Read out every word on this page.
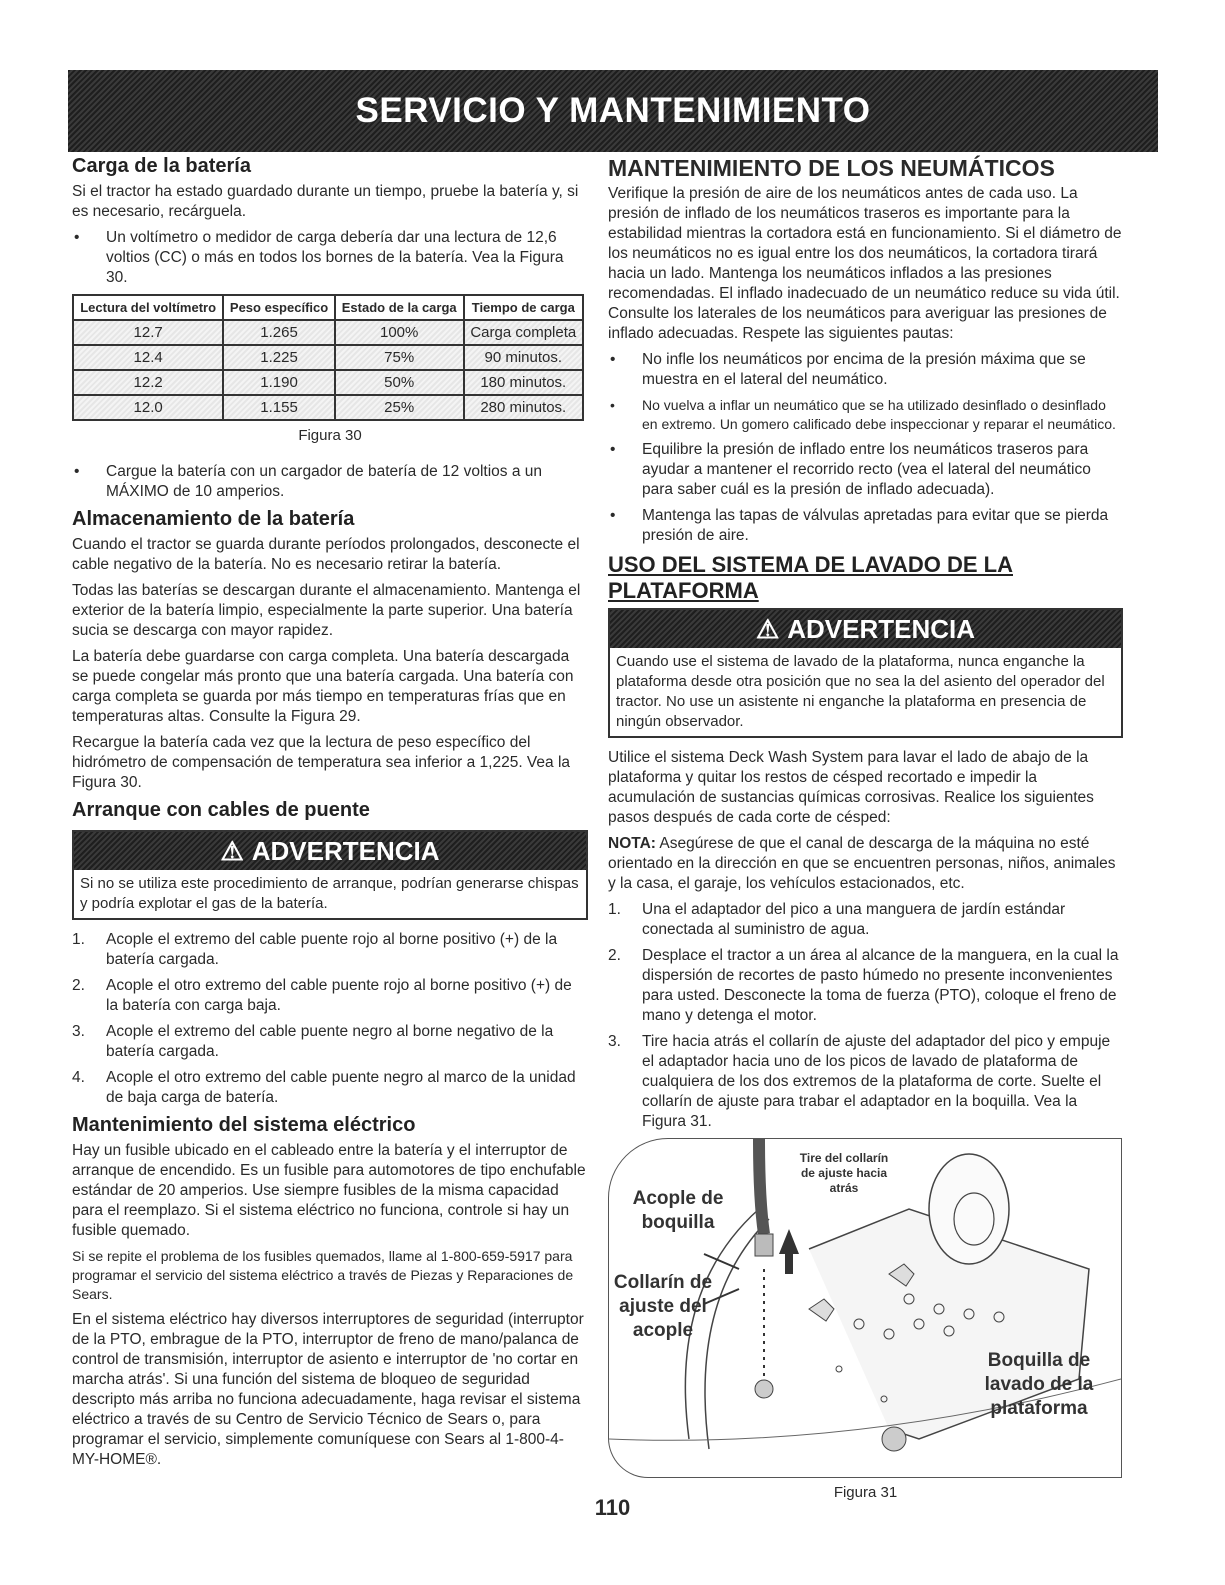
SERVICIO Y MANTENIMIENTO
Carga de la batería

Si el tractor ha estado guardado durante un tiempo, pruebe la batería y, si es necesario, recárguela.

• Un voltímetro o medidor de carga debería dar una lectura de 12,6 voltios (CC) o más en todos los bornes de la batería. Vea la Figura 30.
Lectura del voltímetro	Peso específico	Estado de la carga	Tiempo de carga
12.7	1.265	100%	Carga completa
12.4	1.225	75%	90 minutos.
12.2	1.190	50%	180 minutos.
12.0	1.155	25%	280 minutos.
Figura 30
• Cargue la batería con un cargador de batería de 12 voltios a un MÁXIMO de 10 amperios.
Almacenamiento de la batería

Cuando el tractor se guarda durante períodos prolongados, desconecte el cable negativo de la batería. No es necesario retirar la batería.

Todas las baterías se descargan durante el almacenamiento. Mantenga el exterior de la batería limpio, especialmente la parte superior. Una batería sucia se descarga con mayor rapidez.

La batería debe guardarse con carga completa. Una batería descargada se puede congelar más pronto que una batería cargada. Una batería con carga completa se guarda por más tiempo en temperaturas frías que en temperaturas altas. Consulte la Figura 29.

Recargue la batería cada vez que la lectura de peso específico del hidrómetro de compensación de temperatura sea inferior a 1,225. Vea la Figura 30.

Arranque con cables de puente
⚠ ADVERTENCIA
Si no se utiliza este procedimiento de arranque, podrían generarse chispas y podría explotar el gas de la batería.
1. Acople el extremo del cable puente rojo al borne positivo (+) de la batería cargada.
2. Acople el otro extremo del cable puente rojo al borne positivo (+) de la batería con carga baja.
3. Acople el extremo del cable puente negro al borne negativo de la batería cargada.
4. Acople el otro extremo del cable puente negro al marco de la unidad de baja carga de batería.
Mantenimiento del sistema eléctrico

Hay un fusible ubicado en el cableado entre la batería y el interruptor de arranque de encendido. Es un fusible para automotores de tipo enchufable estándar de 20 amperios. Use siempre fusibles de la misma capacidad para el reemplazo. Si el sistema eléctrico no funciona, controle si hay un fusible quemado.

Si se repite el problema de los fusibles quemados, llame al 1-800-659-5917 para programar el servicio del sistema eléctrico a través de Piezas y Reparaciones de Sears.

En el sistema eléctrico hay diversos interruptores de seguridad (interruptor de la PTO, embrague de la PTO, interruptor de freno de mano/palanca de control de transmisión, interruptor de asiento e interruptor de 'no cortar en marcha atrás'. Si una función del sistema de bloqueo de seguridad descripto más arriba no funciona adecuadamente, haga revisar el sistema eléctrico a través de su Centro de Servicio Técnico de Sears o, para programar el servicio, simplemente comuníquese con Sears al 1-800-4-MY-HOME®.

MANTENIMIENTO DE LOS NEUMÁTICOS

Verifique la presión de aire de los neumáticos antes de cada uso. La presión de inflado de los neumáticos traseros es importante para la estabilidad mientras la cortadora está en funcionamiento. Si el diámetro de los neumáticos no es igual entre los dos neumáticos, la cortadora tirará hacia un lado. Mantenga los neumáticos inflados a las presiones recomendadas. El inflado inadecuado de un neumático reduce su vida útil. Consulte los laterales de los neumáticos para averiguar las presiones de inflado adecuadas. Respete las siguientes pautas:

• No infle los neumáticos por encima de la presión máxima que se muestra en el lateral del neumático.
• No vuelva a inflar un neumático que se ha utilizado desinflado o desinflado en extremo. Un gomero calificado debe inspeccionar y reparar el neumático.
• Equilibre la presión de inflado entre los neumáticos traseros para ayudar a mantener el recorrido recto (vea el lateral del neumático para saber cuál es la presión de inflado adecuada).
• Mantenga las tapas de válvulas apretadas para evitar que se pierda presión de aire.
USO DEL SISTEMA DE LAVADO DE LA PLATAFORMA
⚠ ADVERTENCIA
Cuando use el sistema de lavado de la plataforma, nunca enganche la plataforma desde otra posición que no sea la del asiento del operador del tractor. No use un asistente ni enganche la plataforma en presencia de ningún observador.

Utilice el sistema Deck Wash System para lavar el lado de abajo de la plataforma y quitar los restos de césped recortado e impedir la acumulación de sustancias químicas corrosivas. Realice los siguientes pasos después de cada corte de césped:

NOTA: Asegúrese de que el canal de descarga de la máquina no esté orientado en la dirección en que se encuentren personas, niños, animales y la casa, el garaje, los vehículos estacionados, etc.

1. Una el adaptador del pico a una manguera de jardín estándar conectada al suministro de agua.
2. Desplace el tractor a un área al alcance de la manguera, en la cual la dispersión de recortes de pasto húmedo no presente inconvenientes para usted. Desconecte la toma de fuerza (PTO), coloque el freno de mano y detenga el motor.
3. Tire hacia atrás el collarín de ajuste del adaptador del pico y empuje el adaptador hacia uno de los picos de lavado de plataforma de cualquiera de los dos extremos de la plataforma de corte. Suelte el collarín de ajuste para trabar el adaptador en la boquilla. Vea la Figura 31.
Acople de boquilla
Tire del collarín de ajuste hacia atrás
Collarín de ajuste del acople
Boquilla de lavado de la plataforma
Figura 31
110
